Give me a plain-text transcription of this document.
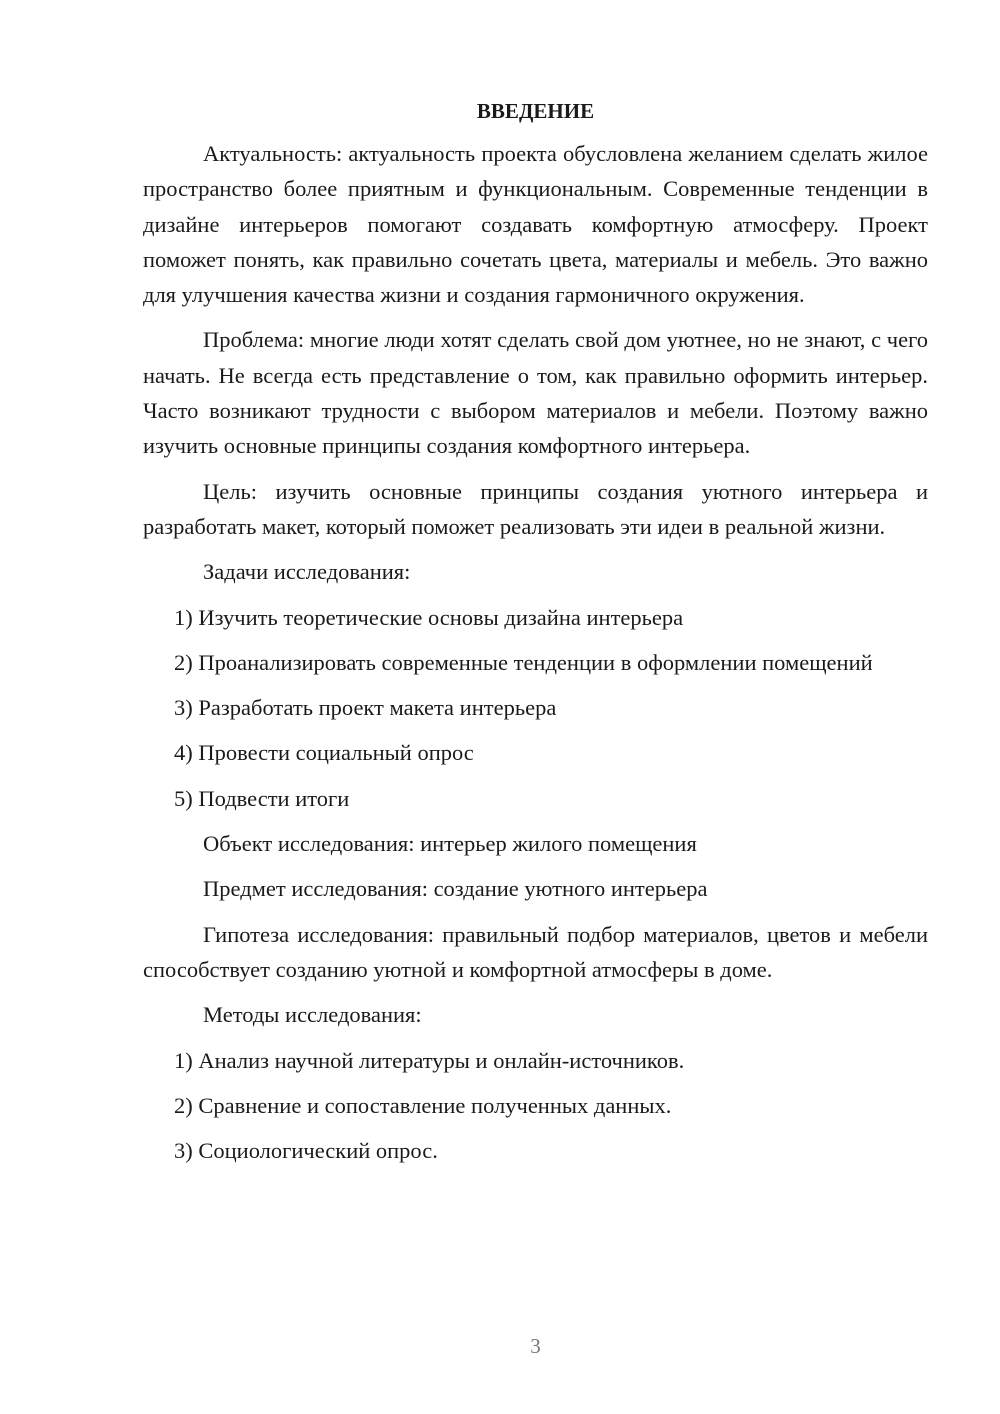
ВВЕДЕНИЕ

Актуальность: актуальность проекта обусловлена желанием сделать жилое пространство более приятным и функциональным. Современные тенденции в дизайне интерьеров помогают создавать комфортную атмосферу. Проект поможет понять, как правильно сочетать цвета, материалы и мебель. Это важно для улучшения качества жизни и создания гармоничного окружения.

Проблема: многие люди хотят сделать свой дом уютнее, но не знают, с чего начать. Не всегда есть представление о том, как правильно оформить интерьер. Часто возникают трудности с выбором материалов и мебели. Поэтому важно изучить основные принципы создания комфортного интерьера.

Цель: изучить основные принципы создания уютного интерьера и разработать макет, который поможет реализовать эти идеи в реальной жизни.

Задачи исследования:

1) Изучить теоретические основы дизайна интерьера

2) Проанализировать современные тенденции в оформлении помещений

3) Разработать проект макета интерьера

4) Провести социальный опрос

5) Подвести итоги

Объект исследования: интерьер жилого помещения

Предмет исследования: создание уютного интерьера

Гипотеза исследования: правильный подбор материалов, цветов и мебели способствует созданию уютной и комфортной атмосферы в доме.

Методы исследования:

1) Анализ научной литературы и онлайн-источников.

2) Сравнение и сопоставление полученных данных.

3) Социологический опрос.

3
